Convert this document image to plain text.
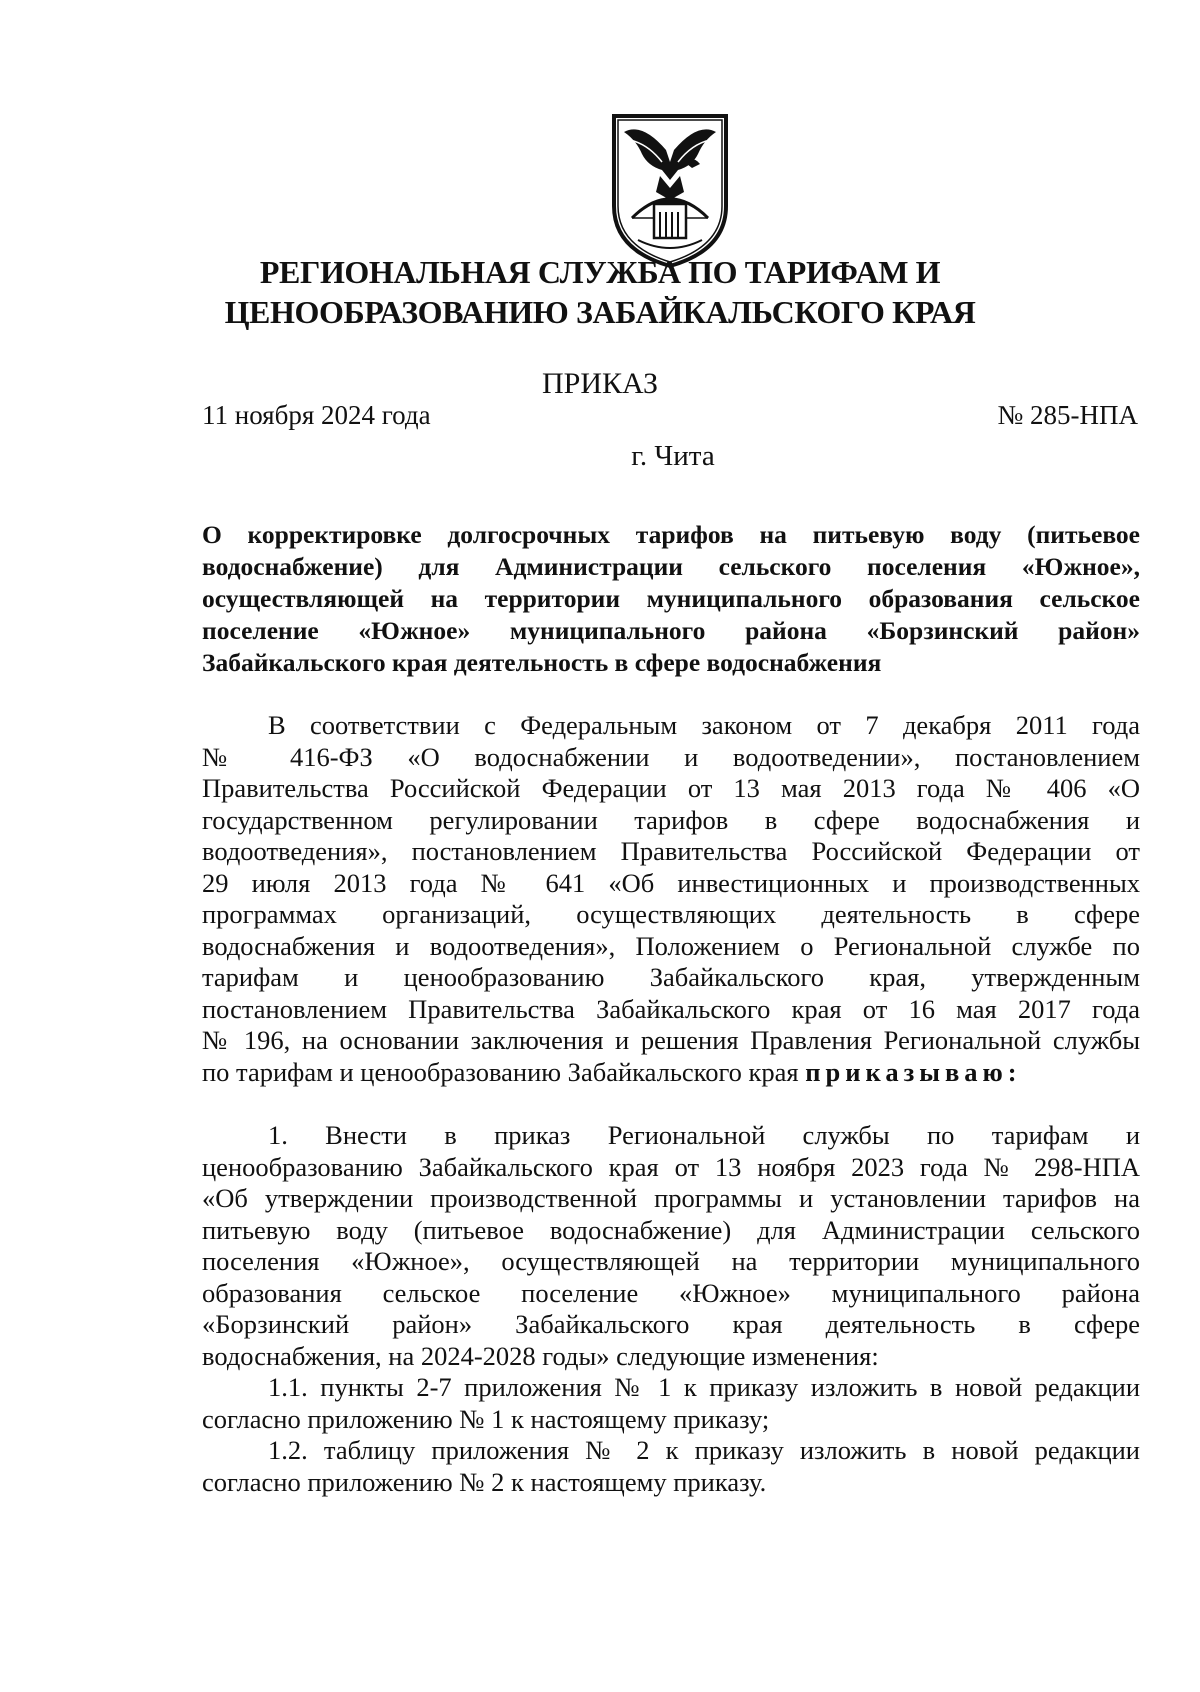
РЕГИОНАЛЬНАЯ СЛУЖБА ПО ТАРИФАМ И
ЦЕНООБРАЗОВАНИЮ ЗАБАЙКАЛЬСКОГО КРАЯ
ПРИКАЗ
11 ноября 2024 года	№ 285-НПА
г. Чита
О корректировке долгосрочных тарифов на питьевую воду (питьевое
водоснабжение) для Администрации сельского поселения «Южное»,
осуществляющей на территории муниципального образования сельское
поселение «Южное» муниципального района «Борзинский район»
Забайкальского края деятельность в сфере водоснабжения
В соответствии с Федеральным законом от 7 декабря 2011 года
№ 416-ФЗ «О водоснабжении и водоотведении», постановлением
Правительства Российской Федерации от 13 мая 2013 года № 406 «О
государственном регулировании тарифов в сфере водоснабжения и
водоотведения», постановлением Правительства Российской Федерации от
29 июля 2013 года № 641 «Об инвестиционных и производственных
программах организаций, осуществляющих деятельность в сфере
водоснабжения и водоотведения», Положением о Региональной службе по
тарифам и ценообразованию Забайкальского края, утвержденным
постановлением Правительства Забайкальского края от 16 мая 2017 года
№ 196, на основании заключения и решения Правления Региональной службы
по тарифам и ценообразованию Забайкальского края приказываю:
1. Внести в приказ Региональной службы по тарифам и
ценообразованию Забайкальского края от 13 ноября 2023 года № 298-НПА
«Об утверждении производственной программы и установлении тарифов на
питьевую воду (питьевое водоснабжение) для Администрации сельского
поселения «Южное», осуществляющей на территории муниципального
образования сельское поселение «Южное» муниципального района
«Борзинский район» Забайкальского края деятельность в сфере
водоснабжения, на 2024-2028 годы» следующие изменения:
1.1. пункты 2-7 приложения № 1 к приказу изложить в новой редакции
согласно приложению № 1 к настоящему приказу;
1.2. таблицу приложения № 2 к приказу изложить в новой редакции
согласно приложению № 2 к настоящему приказу.
